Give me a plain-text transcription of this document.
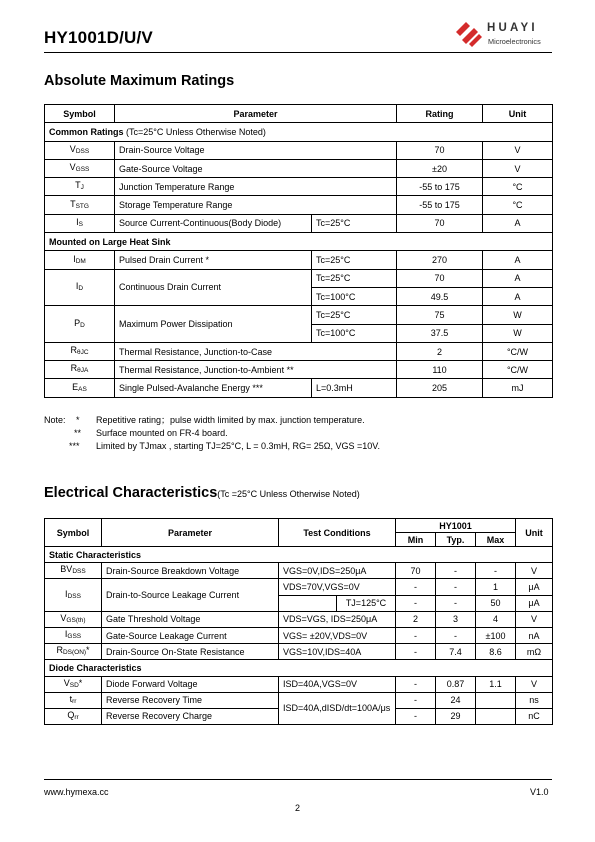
HY1001D/U/V	HUAYI
Microelectronics
Absolute Maximum Ratings
Symbol	Parameter		Rating	Unit
Common Ratings (Tc=25°C Unless Otherwise Noted)				
$V_{DSS}$	Drain-Source Voltage		70	V
$V_{GSS}$	Gate-Source Voltage		±20	V
$T_J$	Junction Temperature Range		-55 to 175	°C
$T_{STG}$	Storage Temperature Range		-55 to 175	°C
$I_S$	Source Current-Continuous(Body Diode)	Tc=25°C	70	A
Mounted on Large Heat Sink				
$I_{DM}$	Pulsed Drain Current *	Tc=25°C	270	A
$I_D$	Continuous Drain Current	Tc=25°C	70	A
		Tc=100°C	49.5	A
$P_D$	Maximum Power Dissipation	Tc=25°C	75	W
		Tc=100°C	37.5	W
$R_{\theta JC}$	Thermal Resistance, Junction-to-Case		2	°C/W
$R_{\theta JA}$	Thermal Resistance, Junction-to-Ambient **		110	°C/W
$E_{AS}$	Single Pulsed-Avalanche Energy ***	L=0.3mH	205	mJ
Note: * Repetitive rating；pulse width limited by max. junction temperature.
** Surface mounted on FR-4 board.
*** Limited by TJmax , starting TJ=25°C, L = 0.3mH, RG= 25Ω, VGS =10V.
Electrical Characteristics(Tc =25°C Unless Otherwise Noted)
Symbol	Parameter	Test Conditions		HY1001			Unit
				Min	Typ.	Max	
Static Characteristics							
$BV_{DSS}$	Drain-Source Breakdown Voltage	VGS=0V,IDS=250μA		70	-	-	V
$I_{DSS}$	Drain-to-Source Leakage Current	VDS=70V,VGS=0V		-	-	1	μA
			TJ=125°C	-	-	50	μA
$V_{GS(th)}$	Gate Threshold Voltage	VDS=VGS, IDS=250μA		2	3	4	V
$I_{GSS}$	Gate-Source Leakage Current	VGS= ±20V,VDS=0V		-	-	±100	nA
$R_{DS(ON)}*$	Drain-Source On-State Resistance	VGS=10V,IDS=40A		-	7.4	8.6	mΩ
Diode Characteristics							
$V_{SD}*$	Diode Forward Voltage	ISD=40A,VGS=0V		-	0.87	1.1	V
$t_{rr}$	Reverse Recovery Time	ISD=40A,dISD/dt=100A/μs		-	24		ns
$Q_{rr}$	Reverse Recovery Charge			-	29		nC
www.hymexa.cc	V1.0
2
